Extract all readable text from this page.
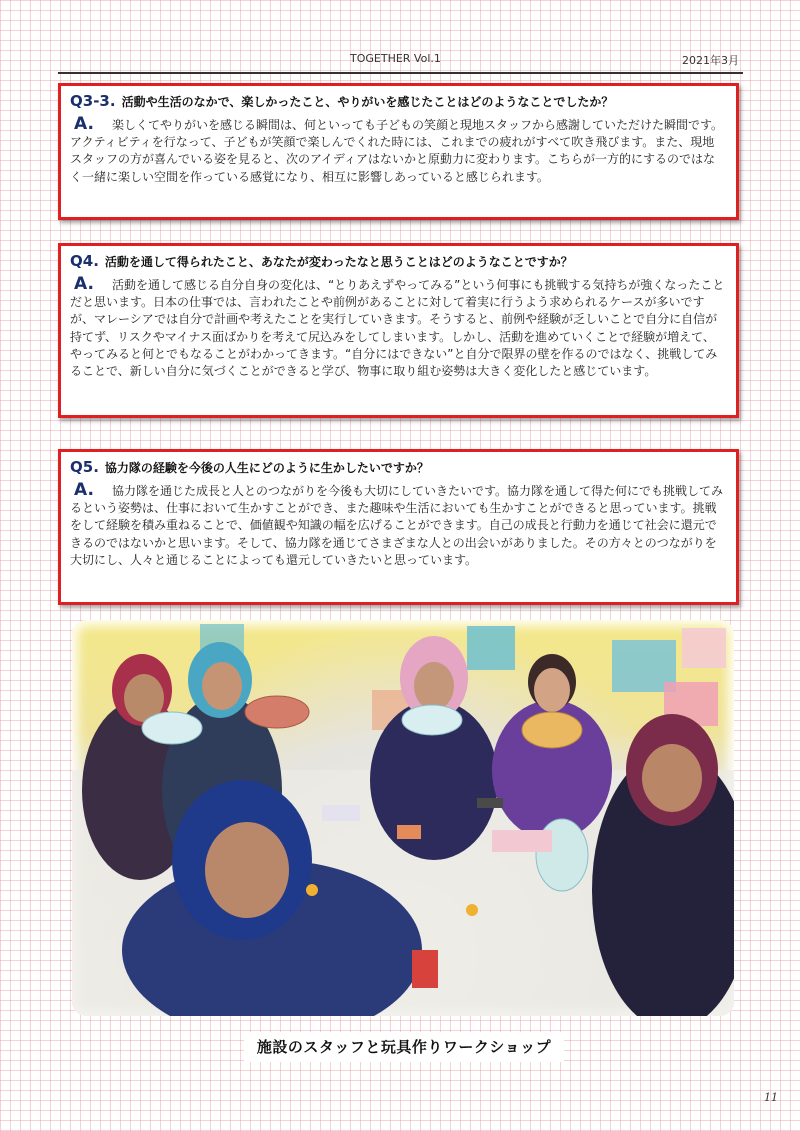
TOGETHER Vol.1	2021年3月
Q3-3. 活動や生活のなかで、楽しかったこと、やりがいを感じたことはどのようなことでしたか？

A. 楽しくてやりがいを感じる瞬間は、何といっても子どもの笑顔と現地スタッフから感謝していただけた瞬間です。アクティビティを行なって、子どもが笑顔で楽しんでくれた時には、これまでの疲れがすべて吹き飛びます。また、現地スタッフの方が喜んでいる姿を見ると、次のアイディアはないかと原動力に変わります。こちらが一方的にするのではなく一緒に楽しい空間を作っている感覚になり、相互に影響しあっていると感じられます。

Q4. 活動を通して得られたこと、あなたが変わったなと思うことはどのようなことですか？

A. 活動を通して感じる自分自身の変化は、“とりあえずやってみる”という何事にも挑戦する気持ちが強くなったことだと思います。日本の仕事では、言われたことや前例があることに対して着実に行うよう求められるケースが多いですが、マレーシアでは自分で計画や考えたことを実行していきます。そうすると、前例や経験が乏しいことで自分に自信が持てず、リスクやマイナス面ばかりを考えて尻込みをしてしまいます。しかし、活動を進めていくことで経験が増えて、やってみると何とでもなることがわかってきます。“自分にはできない”と自分で限界の壁を作るのではなく、挑戦してみることで、新しい自分に気づくことができると学び、物事に取り組む姿勢は大きく変化したと感じています。

Q5. 協力隊の経験を今後の人生にどのように生かしたいですか？

A. 協力隊を通じた成長と人とのつながりを今後も大切にしていきたいです。協力隊を通して得た何にでも挑戦してみるという姿勢は、仕事において生かすことができ、また趣味や生活においても生かすことができると思っています。挑戦をして経験を積み重ねることで、価値観や知識の幅を広げることができます。自己の成長と行動力を通じて社会に還元できるのではないかと思います。そして、協力隊を通じてさまざまな人との出会いがありました。その方々とのつながりを大切にし、人々と通じることによっても還元していきたいと思っています。

施設のスタッフと玩具作りワークショップ
11
